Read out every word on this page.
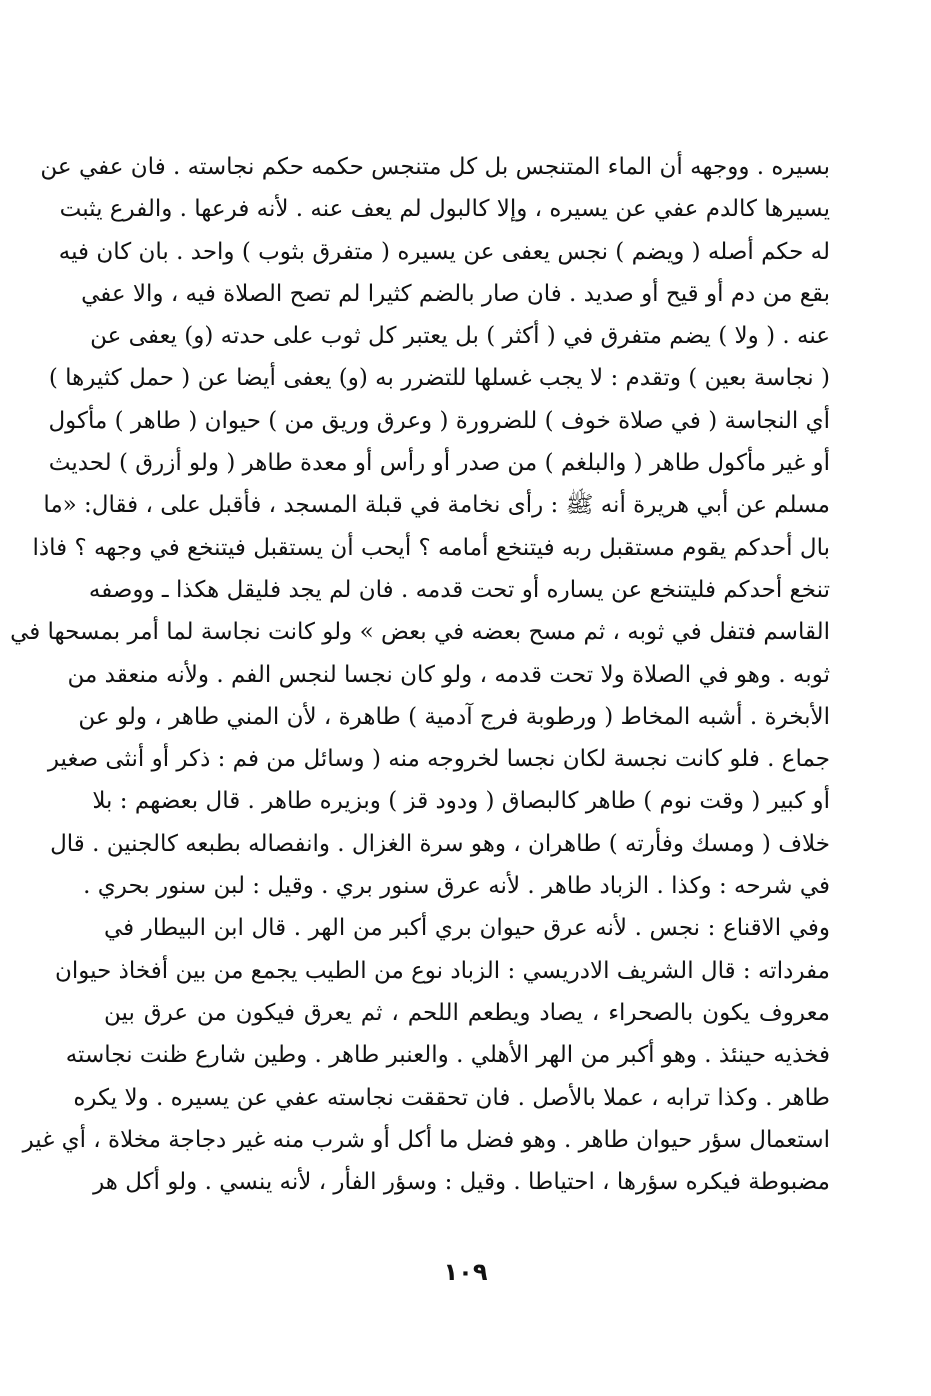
بسيره . ووجهه أن الماء المتنجس بل كل متنجس حكمه حكم نجاسته . فان عفي عن
يسيرها كالدم عفي عن يسيره ، وإلا كالبول لم يعف عنه . لأنه فرعها . والفرع يثبت
له حكم أصله ( ويضم ) نجس يعفى عن يسيره ( متفرق بثوب ) واحد . بان كان فيه
بقع من دم أو قيح أو صديد . فان صار بالضم كثيرا لم تصح الصلاة فيه ، والا عفي
عنه . ( ولا ) يضم متفرق في ( أكثر ) بل يعتبر كل ثوب على حدته (و) يعفى عن
( نجاسة بعين ) وتقدم : لا يجب غسلها للتضرر به (و) يعفى أيضا عن ( حمل كثيرها )
أي النجاسة ( في صلاة خوف ) للضرورة ( وعرق وريق من ) حيوان ( طاهر ) مأكول
أو غير مأكول طاهر ( والبلغم ) من صدر أو رأس أو معدة طاهر ( ولو أزرق ) لحديث
مسلم عن أبي هريرة أنه ﷺ : رأى نخامة في قبلة المسجد ، فأقبل على ، فقال: «ما
بال أحدكم يقوم مستقبل ربه فيتنخع أمامه ؟ أيحب أن يستقبل فيتنخع في وجهه ؟ فاذا
تنخع أحدكم فليتنخع عن يساره أو تحت قدمه . فان لم يجد فليقل هكذا ـ ووصفه
القاسم فتفل في ثوبه ، ثم مسح بعضه في بعض » ولو كانت نجاسة لما أمر بمسحها في
ثوبه . وهو في الصلاة ولا تحت قدمه ، ولو كان نجسا لنجس الفم . ولأنه منعقد من
الأبخرة . أشبه المخاط ( ورطوبة فرج آدمية ) طاهرة ، لأن المني طاهر ، ولو عن
جماع . فلو كانت نجسة لكان نجسا لخروجه منه ( وسائل من فم : ذكر أو أنثى صغير
أو كبير ( وقت نوم ) طاهر كالبصاق ( ودود قز ) وبزيره طاهر . قال بعضهم : بلا
خلاف ( ومسك وفأرته ) طاهران ، وهو سرة الغزال . وانفصاله بطبعه كالجنين . قال
في شرحه : وكذا . الزباد طاهر . لأنه عرق سنور بري . وقيل : لبن سنور بحري .
وفي الاقناع : نجس . لأنه عرق حيوان بري أكبر من الهر . قال ابن البيطار في
مفرداته : قال الشريف الادريسي : الزباد نوع من الطيب يجمع من بين أفخاذ حيوان
معروف يكون بالصحراء ، يصاد ويطعم اللحم ، ثم يعرق فيكون من عرق بين
فخذيه حينئذ . وهو أكبر من الهر الأهلي . والعنبر طاهر . وطين شارع ظنت نجاسته
طاهر . وكذا ترابه ، عملا بالأصل . فان تحققت نجاسته عفي عن يسيره . ولا يكره
استعمال سؤر حيوان طاهر . وهو فضل ما أكل أو شرب منه غير دجاجة مخلاة ، أي غير
مضبوطة فيكره سؤرها ، احتياطا . وقيل : وسؤر الفأر ، لأنه ينسي . ولو أكل هر
١٠٩
